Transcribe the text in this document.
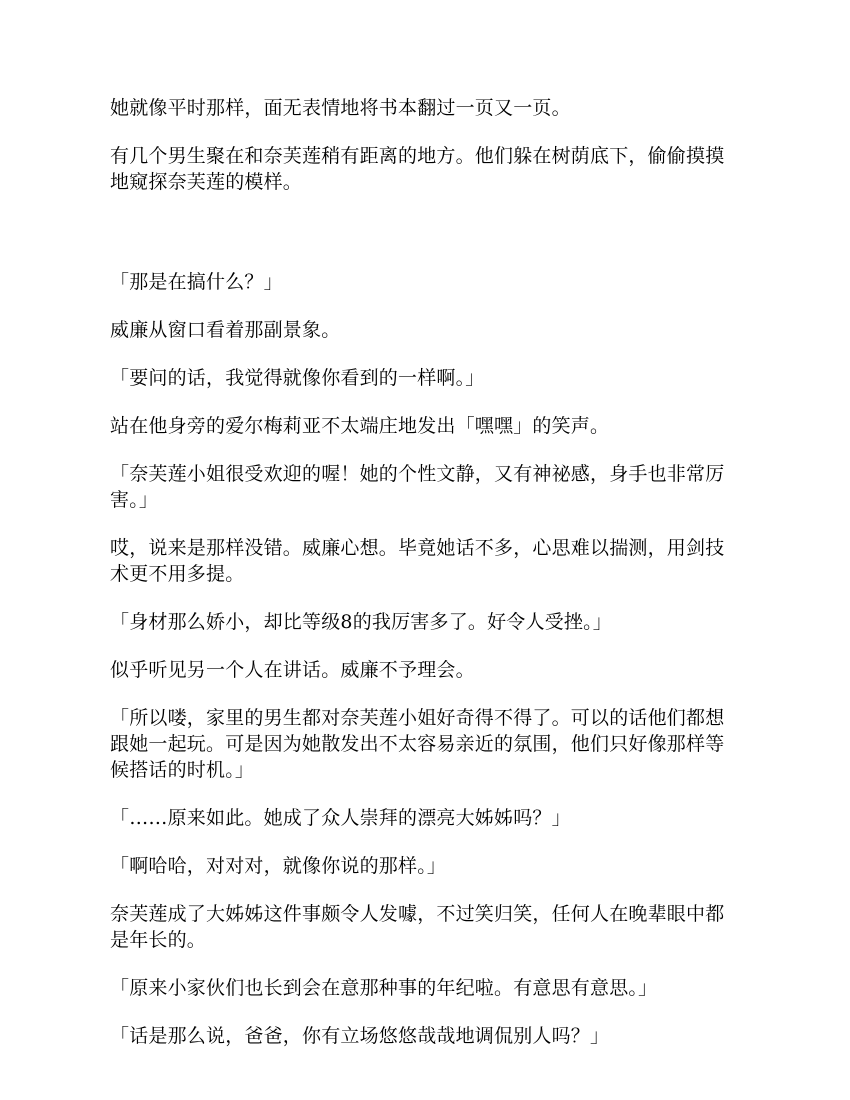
她就像平时那样，面无表情地将书本翻过一页又一页。

有几个男生聚在和奈芙莲稍有距离的地方。他们躲在树荫底下，偷偷摸摸地窥探奈芙莲的模样。

「那是在搞什么？」

威廉从窗口看着那副景象。

「要问的话，我觉得就像你看到的一样啊。」

站在他身旁的爱尔梅莉亚不太端庄地发出「嘿嘿」的笑声。

「奈芙莲小姐很受欢迎的喔！她的个性文静，又有神祕感，身手也非常厉害。」

哎，说来是那样没错。威廉心想。毕竟她话不多，心思难以揣测，用剑技术更不用多提。

「身材那么娇小，却比等级8的我厉害多了。好令人受挫。」

似乎听见另一个人在讲话。威廉不予理会。

「所以喽，家里的男生都对奈芙莲小姐好奇得不得了。可以的话他们都想跟她一起玩。可是因为她散发出不太容易亲近的氛围，他们只好像那样等候搭话的时机。」

「……原来如此。她成了众人崇拜的漂亮大姊姊吗？」

「啊哈哈，对对对，就像你说的那样。」

奈芙莲成了大姊姊这件事颇令人发噱，不过笑归笑，任何人在晚辈眼中都是年长的。

「原来小家伙们也长到会在意那种事的年纪啦。有意思有意思。」

「话是那么说，爸爸，你有立场悠悠哉哉地调侃别人吗？」
